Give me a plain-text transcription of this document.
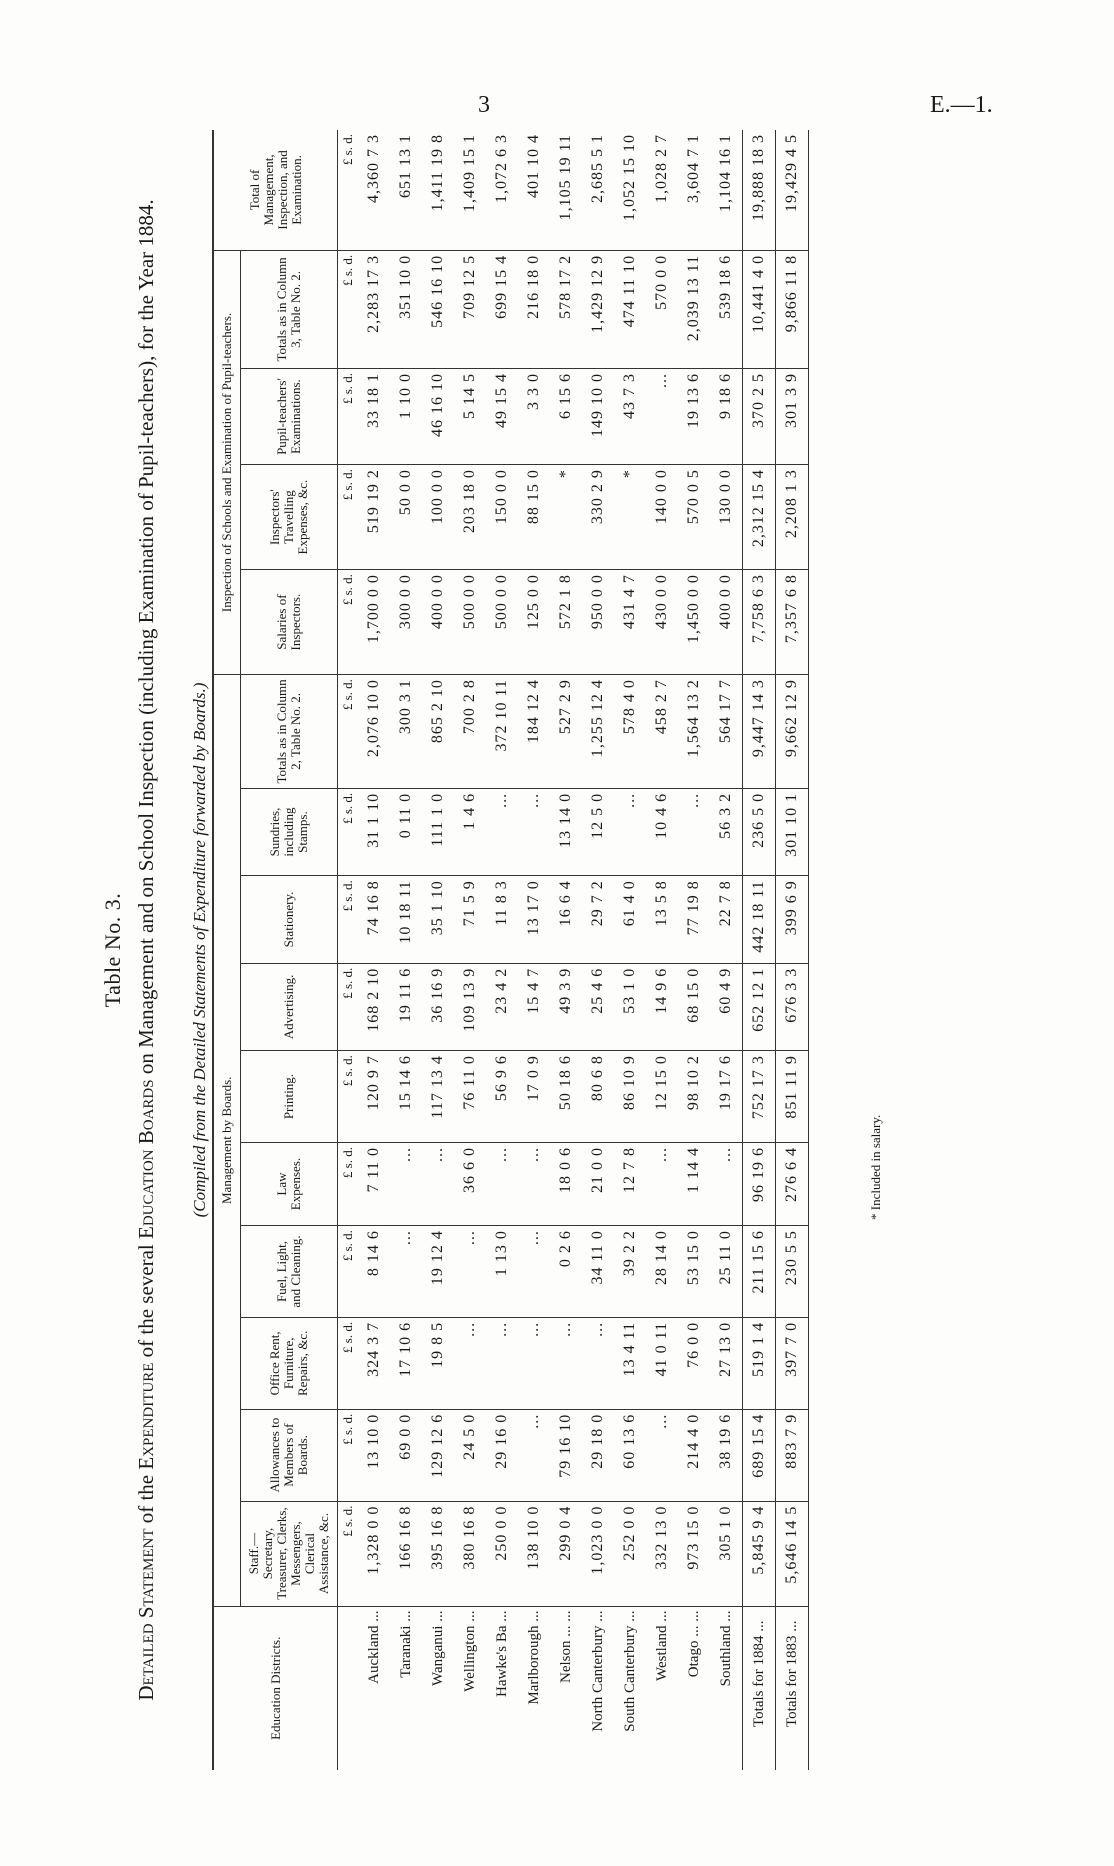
3	E.—1.
Table No. 3.
Detailed Statement of the Expenditure of the several Education Boards on Management and on School Inspection (including Examination of Pupil-teachers), for the Year 1884. (Compiled from the Detailed Statements of Expenditure forwarded by Boards.)
Education Districts.	Management by Boards.										Inspection of Schools and Examination of Pupil-teachers.				Total of Management, Inspection, and Examination.
	Staff.— Secretary, Treasurer, Clerks, Messengers, Clerical Assistance, &c.	Allowances to Members of Boards.	Office Rent, Furniture, Repairs, &c.	Fuel, Light, and Cleaning.	Law Expenses.	Printing.	Advertising.	Stationery.	Sundries, including Stamps.	Totals as in Column 2, Table No. 2.	Salaries of Inspectors.	Inspectors' Travelling Expenses, &c.	Pupil-teachers' Examinations.	Totals as in Column 3, Table No. 2.	
	£ s. d.	£ s. d.	£ s. d.	£ s. d.	£ s. d.	£ s. d.	£ s. d.	£ s. d.	£ s. d.	£ s. d.	£ s. d.	£ s. d.	£ s. d.	£ s. d.	£ s. d.
Auckland ...	1,328 0 0	13 10 0	324 3 7	8 14 6	7 11 0	120 9 7	168 2 10	74 16 8	31 1 10	2,076 10 0	1,700 0 0	519 19 2	33 18 1	2,283 17 3	4,360 7 3
Taranaki ...	166 16 8	69 0 0	17 10 6	...	...	15 14 6	19 11 6	10 18 11	0 11 0	300 3 1	300 0 0	50 0 0	1 10 0	351 10 0	651 13 1
Wanganui ...	395 16 8	129 12 6	19 8 5	19 12 4	...	117 13 4	36 16 9	35 1 10	111 1 0	865 2 10	400 0 0	100 0 0	46 16 10	546 16 10	1,411 19 8
Wellington ...	380 16 8	24 5 0	...	...	36 6 0	76 11 0	109 13 9	71 5 9	1 4 6	700 2 8	500 0 0	203 18 0	5 14 5	709 12 5	1,409 15 1
Hawke's Ba ...	250 0 0	29 16 0	...	1 13 0	...	56 9 6	23 4 2	11 8 3	...	372 10 11	500 0 0	150 0 0	49 15 4	699 15 4	1,072 6 3
Marlborough ...	138 10 0	...	...	...	...	17 0 9	15 4 7	13 17 0	...	184 12 4	125 0 0	88 15 0	3 3 0	216 18 0	401 10 4
Nelson ... ...	299 0 4	79 16 10	...	0 2 6	18 0 6	50 18 6	49 3 9	16 6 4	13 14 0	527 2 9	572 1 8	*	6 15 6	578 17 2	1,105 19 11
North Canterbury ...	1,023 0 0	29 18 0	...	34 11 0	21 0 0	80 6 8	25 4 6	29 7 2	12 5 0	1,255 12 4	950 0 0	330 2 9	149 10 0	1,429 12 9	2,685 5 1
South Canterbury ...	252 0 0	60 13 6	13 4 11	39 2 2	12 7 8	86 10 9	53 1 0	61 4 0	...	578 4 0	431 4 7	*	43 7 3	474 11 10	1,052 15 10
Westland ...	332 13 0	...	41 0 11	28 14 0	...	12 15 0	14 9 6	13 5 8	10 4 6	458 2 7	430 0 0	140 0 0	...	570 0 0	1,028 2 7
Otago ... ...	973 15 0	214 4 0	76 0 0	53 15 0	1 14 4	98 10 2	68 15 0	77 19 8	...	1,564 13 2	1,450 0 0	570 0 5	19 13 6	2,039 13 11	3,604 7 1
Southland ...	305 1 0	38 19 6	27 13 0	25 11 0	...	19 17 6	60 4 9	22 7 8	56 3 2	564 17 7	400 0 0	130 0 0	9 18 6	539 18 6	1,104 16 1
Totals for 1884 ...	5,845 9 4	689 15 4	519 1 4	211 15 6	96 19 6	752 17 3	652 12 1	442 18 11	236 5 0	9,447 14 3	7,758 6 3	2,312 15 4	370 2 5	10,441 4 0	19,888 18 3
Totals for 1883 ...	5,646 14 5	883 7 9	397 7 0	230 5 5	276 6 4	851 11 9	676 3 3	399 6 9	301 10 1	9,662 12 9	7,357 6 8	2,208 1 3	301 3 9	9,866 11 8	19,429 4 5
* Included in salary.
